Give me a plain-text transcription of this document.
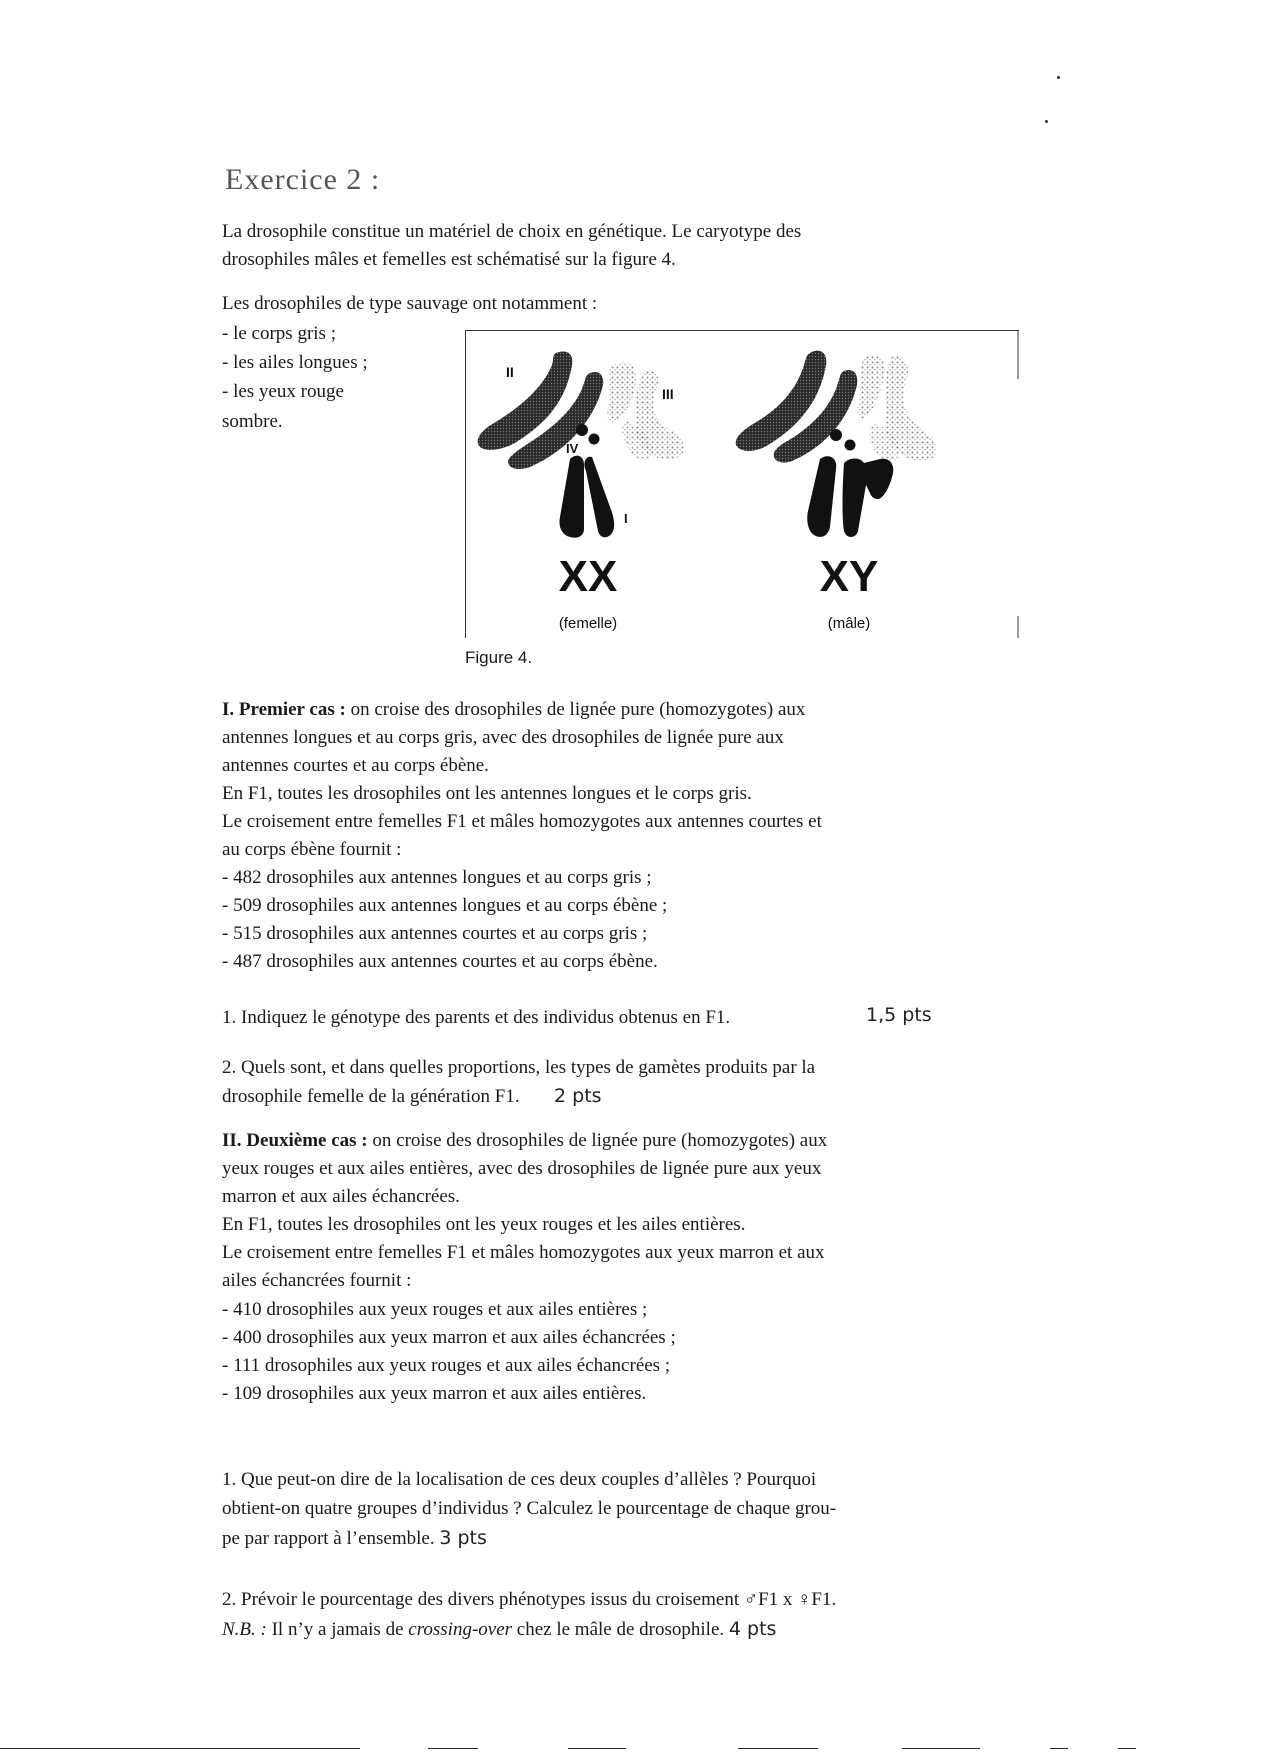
Exercice 2 :
La drosophile constitue un matériel de choix en génétique. Le caryotype des
drosophiles mâles et femelles est schématisé sur la figure 4.
Les drosophiles de type sauvage ont notamment :
- le corps gris ;
- les ailes longues ;
- les yeux rouge
sombre.
II
III
IV
I
XX
(femelle)
XY
(mâle)
Figure 4.
I. Premier cas : on croise des drosophiles de lignée pure (homozygotes) aux
antennes longues et au corps gris, avec des drosophiles de lignée pure aux
antennes courtes et au corps ébène.
En F1, toutes les drosophiles ont les antennes longues et le corps gris.
Le croisement entre femelles F1 et mâles homozygotes aux antennes courtes et
au corps ébène fournit :
- 482 drosophiles aux antennes longues et au corps gris ;
- 509 drosophiles aux antennes longues et au corps ébène ;
- 515 drosophiles aux antennes courtes et au corps gris ;
- 487 drosophiles aux antennes courtes et au corps ébène.
1. Indiquez le génotype des parents et des individus obtenus en F1.	1,5 pts
2. Quels sont, et dans quelles proportions, les types de gamètes produits par la
drosophile femelle de la génération F1. 2 pts
II. Deuxième cas : on croise des drosophiles de lignée pure (homozygotes) aux
yeux rouges et aux ailes entières, avec des drosophiles de lignée pure aux yeux
marron et aux ailes échancrées.
En F1, toutes les drosophiles ont les yeux rouges et les ailes entières.
Le croisement entre femelles F1 et mâles homozygotes aux yeux marron et aux
ailes échancrées fournit :
- 410 drosophiles aux yeux rouges et aux ailes entières ;
- 400 drosophiles aux yeux marron et aux ailes échancrées ;
- 111 drosophiles aux yeux rouges et aux ailes échancrées ;
- 109 drosophiles aux yeux marron et aux ailes entières.
1. Que peut-on dire de la localisation de ces deux couples d’allèles ? Pourquoi
obtient-on quatre groupes d’individus ? Calculez le pourcentage de chaque grou-
pe par rapport à l’ensemble. 3 pts
2. Prévoir le pourcentage des divers phénotypes issus du croisement ♂F1 x ♀F1.
N.B. : Il n’y a jamais de crossing-over chez le mâle de drosophile. 4 pts
